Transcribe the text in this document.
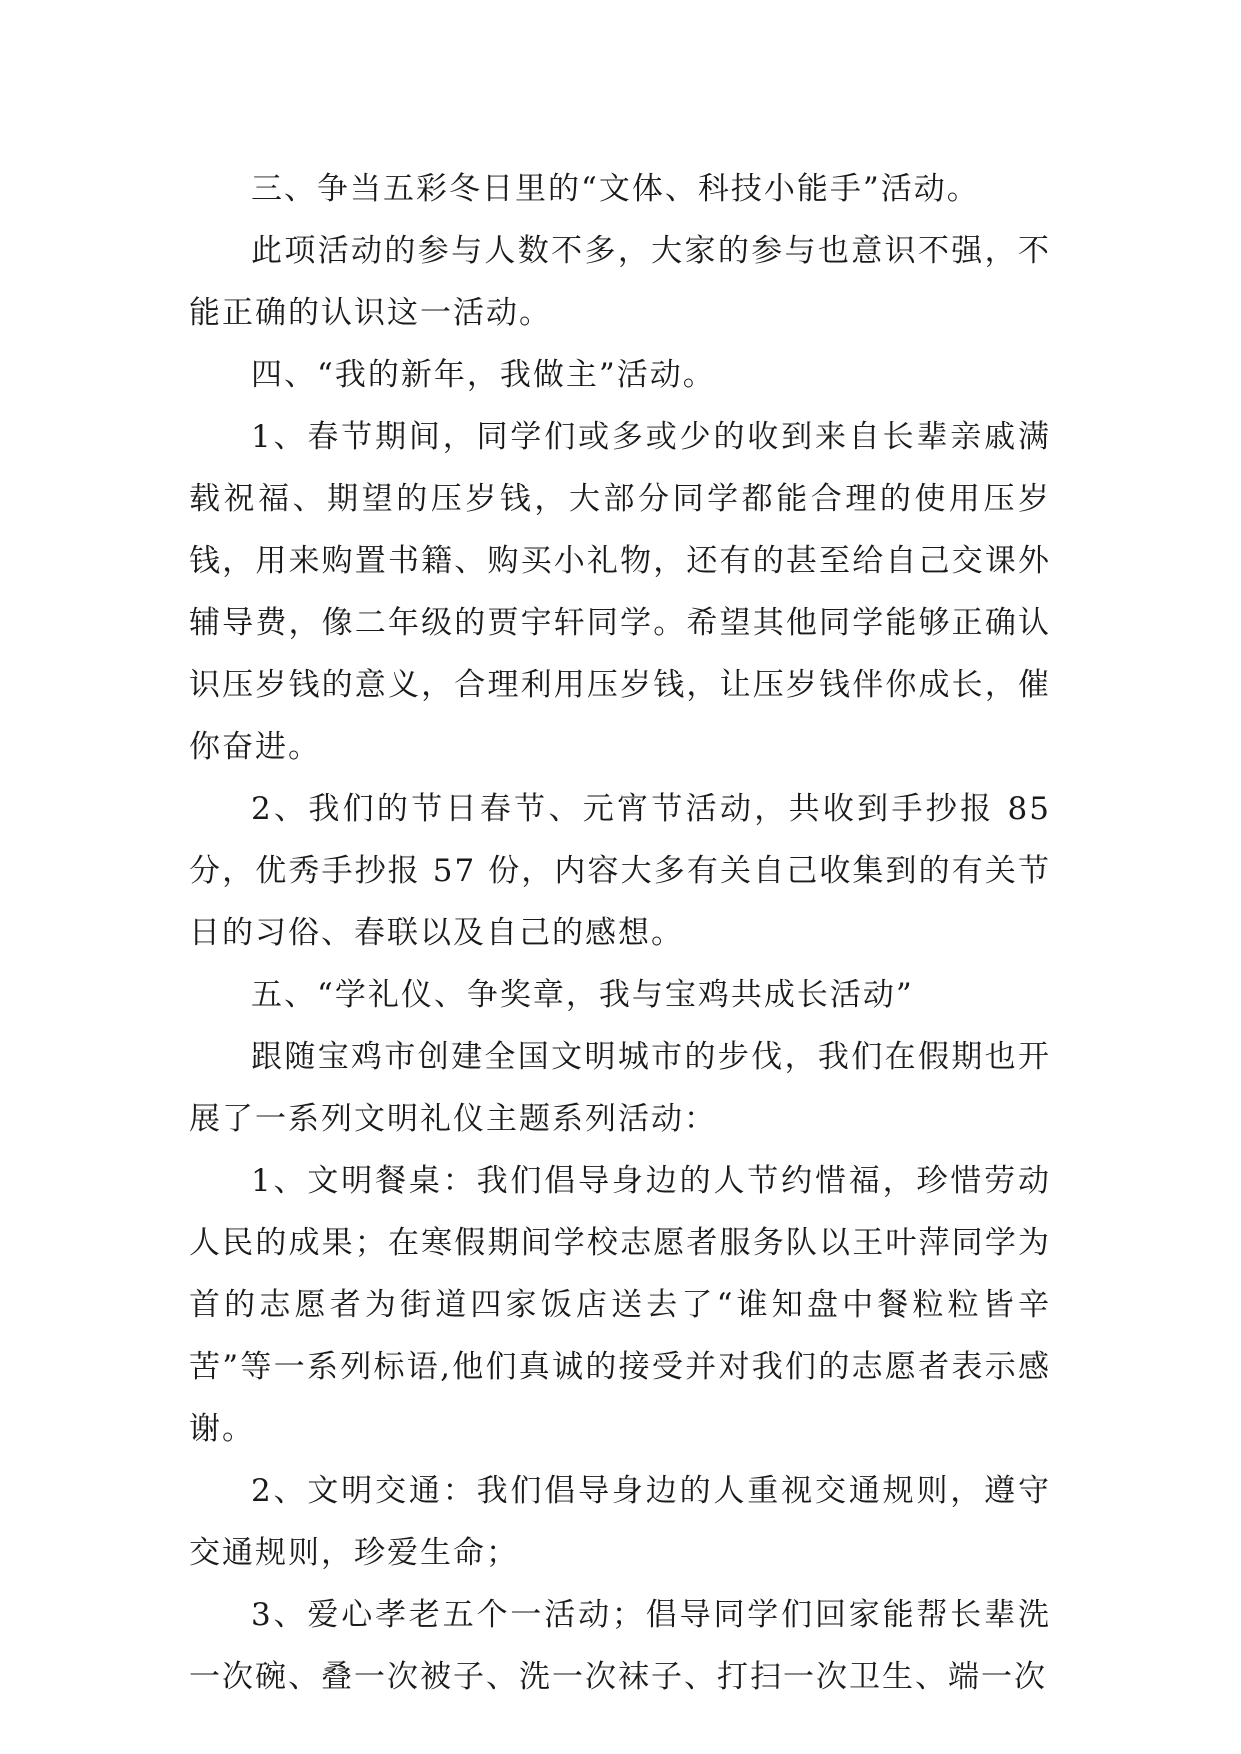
三、争当五彩冬日里的“文体、科技小能手”活动。

此项活动的参与人数不多，大家的参与也意识不强，不能正确的认识这一活动。

四、“我的新年，我做主”活动。

1、春节期间，同学们或多或少的收到来自长辈亲戚满载祝福、期望的压岁钱，大部分同学都能合理的使用压岁钱，用来购置书籍、购买小礼物，还有的甚至给自己交课外辅导费，像二年级的贾宇轩同学。希望其他同学能够正确认识压岁钱的意义，合理利用压岁钱，让压岁钱伴你成长，催你奋进。

2、我们的节日春节、元宵节活动，共收到手抄报 85 分，优秀手抄报 57 份，内容大多有关自己收集到的有关节日的习俗、春联以及自己的感想。

五、“学礼仪、争奖章，我与宝鸡共成长活动”

跟随宝鸡市创建全国文明城市的步伐，我们在假期也开展了一系列文明礼仪主题系列活动：

1、文明餐桌：我们倡导身边的人节约惜福，珍惜劳动人民的成果；在寒假期间学校志愿者服务队以王叶萍同学为首的志愿者为街道四家饭店送去了“谁知盘中餐粒粒皆辛苦”等一系列标语,他们真诚的接受并对我们的志愿者表示感谢。

2、文明交通：我们倡导身边的人重视交通规则，遵守交通规则，珍爱生命；

3、爱心孝老五个一活动；倡导同学们回家能帮长辈洗一次碗、叠一次被子、洗一次袜子、打扫一次卫生、端一次
